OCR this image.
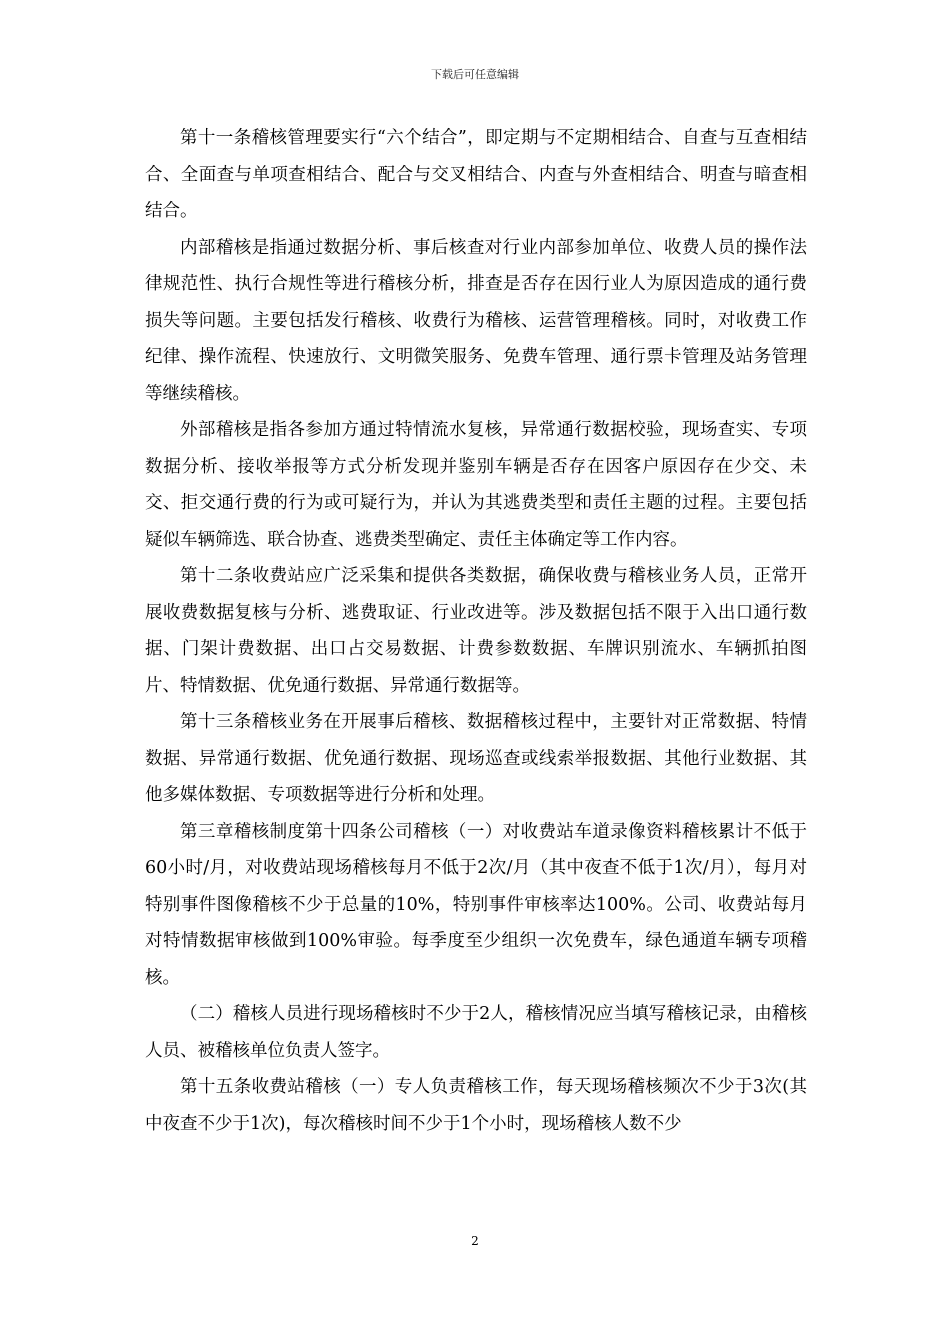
下载后可任意编辑

第十一条稽核管理要实行“六个结合”，即定期与不定期相结合、自查与互查相结合、全面查与单项查相结合、配合与交叉相结合、内查与外查相结合、明查与暗查相结合。

内部稽核是指通过数据分析、事后核查对行业内部参加单位、收费人员的操作法律规范性、执行合规性等进行稽核分析，排查是否存在因行业人为原因造成的通行费损失等问题。主要包括发行稽核、收费行为稽核、运营管理稽核。同时，对收费工作纪律、操作流程、快速放行、文明微笑服务、免费车管理、通行票卡管理及站务管理等继续稽核。

外部稽核是指各参加方通过特情流水复核，异常通行数据校验，现场查实、专项数据分析、接收举报等方式分析发现并鉴别车辆是否存在因客户原因存在少交、未交、拒交通行费的行为或可疑行为，并认为其逃费类型和责任主题的过程。主要包括疑似车辆筛选、联合协查、逃费类型确定、责任主体确定等工作内容。

第十二条收费站应广泛采集和提供各类数据，确保收费与稽核业务人员，正常开展收费数据复核与分析、逃费取证、行业改进等。涉及数据包括不限于入出口通行数据、门架计费数据、出口占交易数据、计费参数数据、车牌识别流水、车辆抓拍图片、特情数据、优免通行数据、异常通行数据等。

第十三条稽核业务在开展事后稽核、数据稽核过程中，主要针对正常数据、特情数据、异常通行数据、优免通行数据、现场巡查或线索举报数据、其他行业数据、其他多媒体数据、专项数据等进行分析和处理。

第三章稽核制度第十四条公司稽核（一）对收费站车道录像资料稽核累计不低于60小时/月，对收费站现场稽核每月不低于2次/月（其中夜查不低于1次/月），每月对特别事件图像稽核不少于总量的10%，特别事件审核率达100%。公司、收费站每月对特情数据审核做到100%审验。每季度至少组织一次免费车，绿色通道车辆专项稽核。

（二）稽核人员进行现场稽核时不少于2人，稽核情况应当填写稽核记录，由稽核人员、被稽核单位负责人签字。

第十五条收费站稽核（一）专人负责稽核工作，每天现场稽核频次不少于3次(其中夜查不少于1次)，每次稽核时间不少于1个小时，现场稽核人数不少

2
